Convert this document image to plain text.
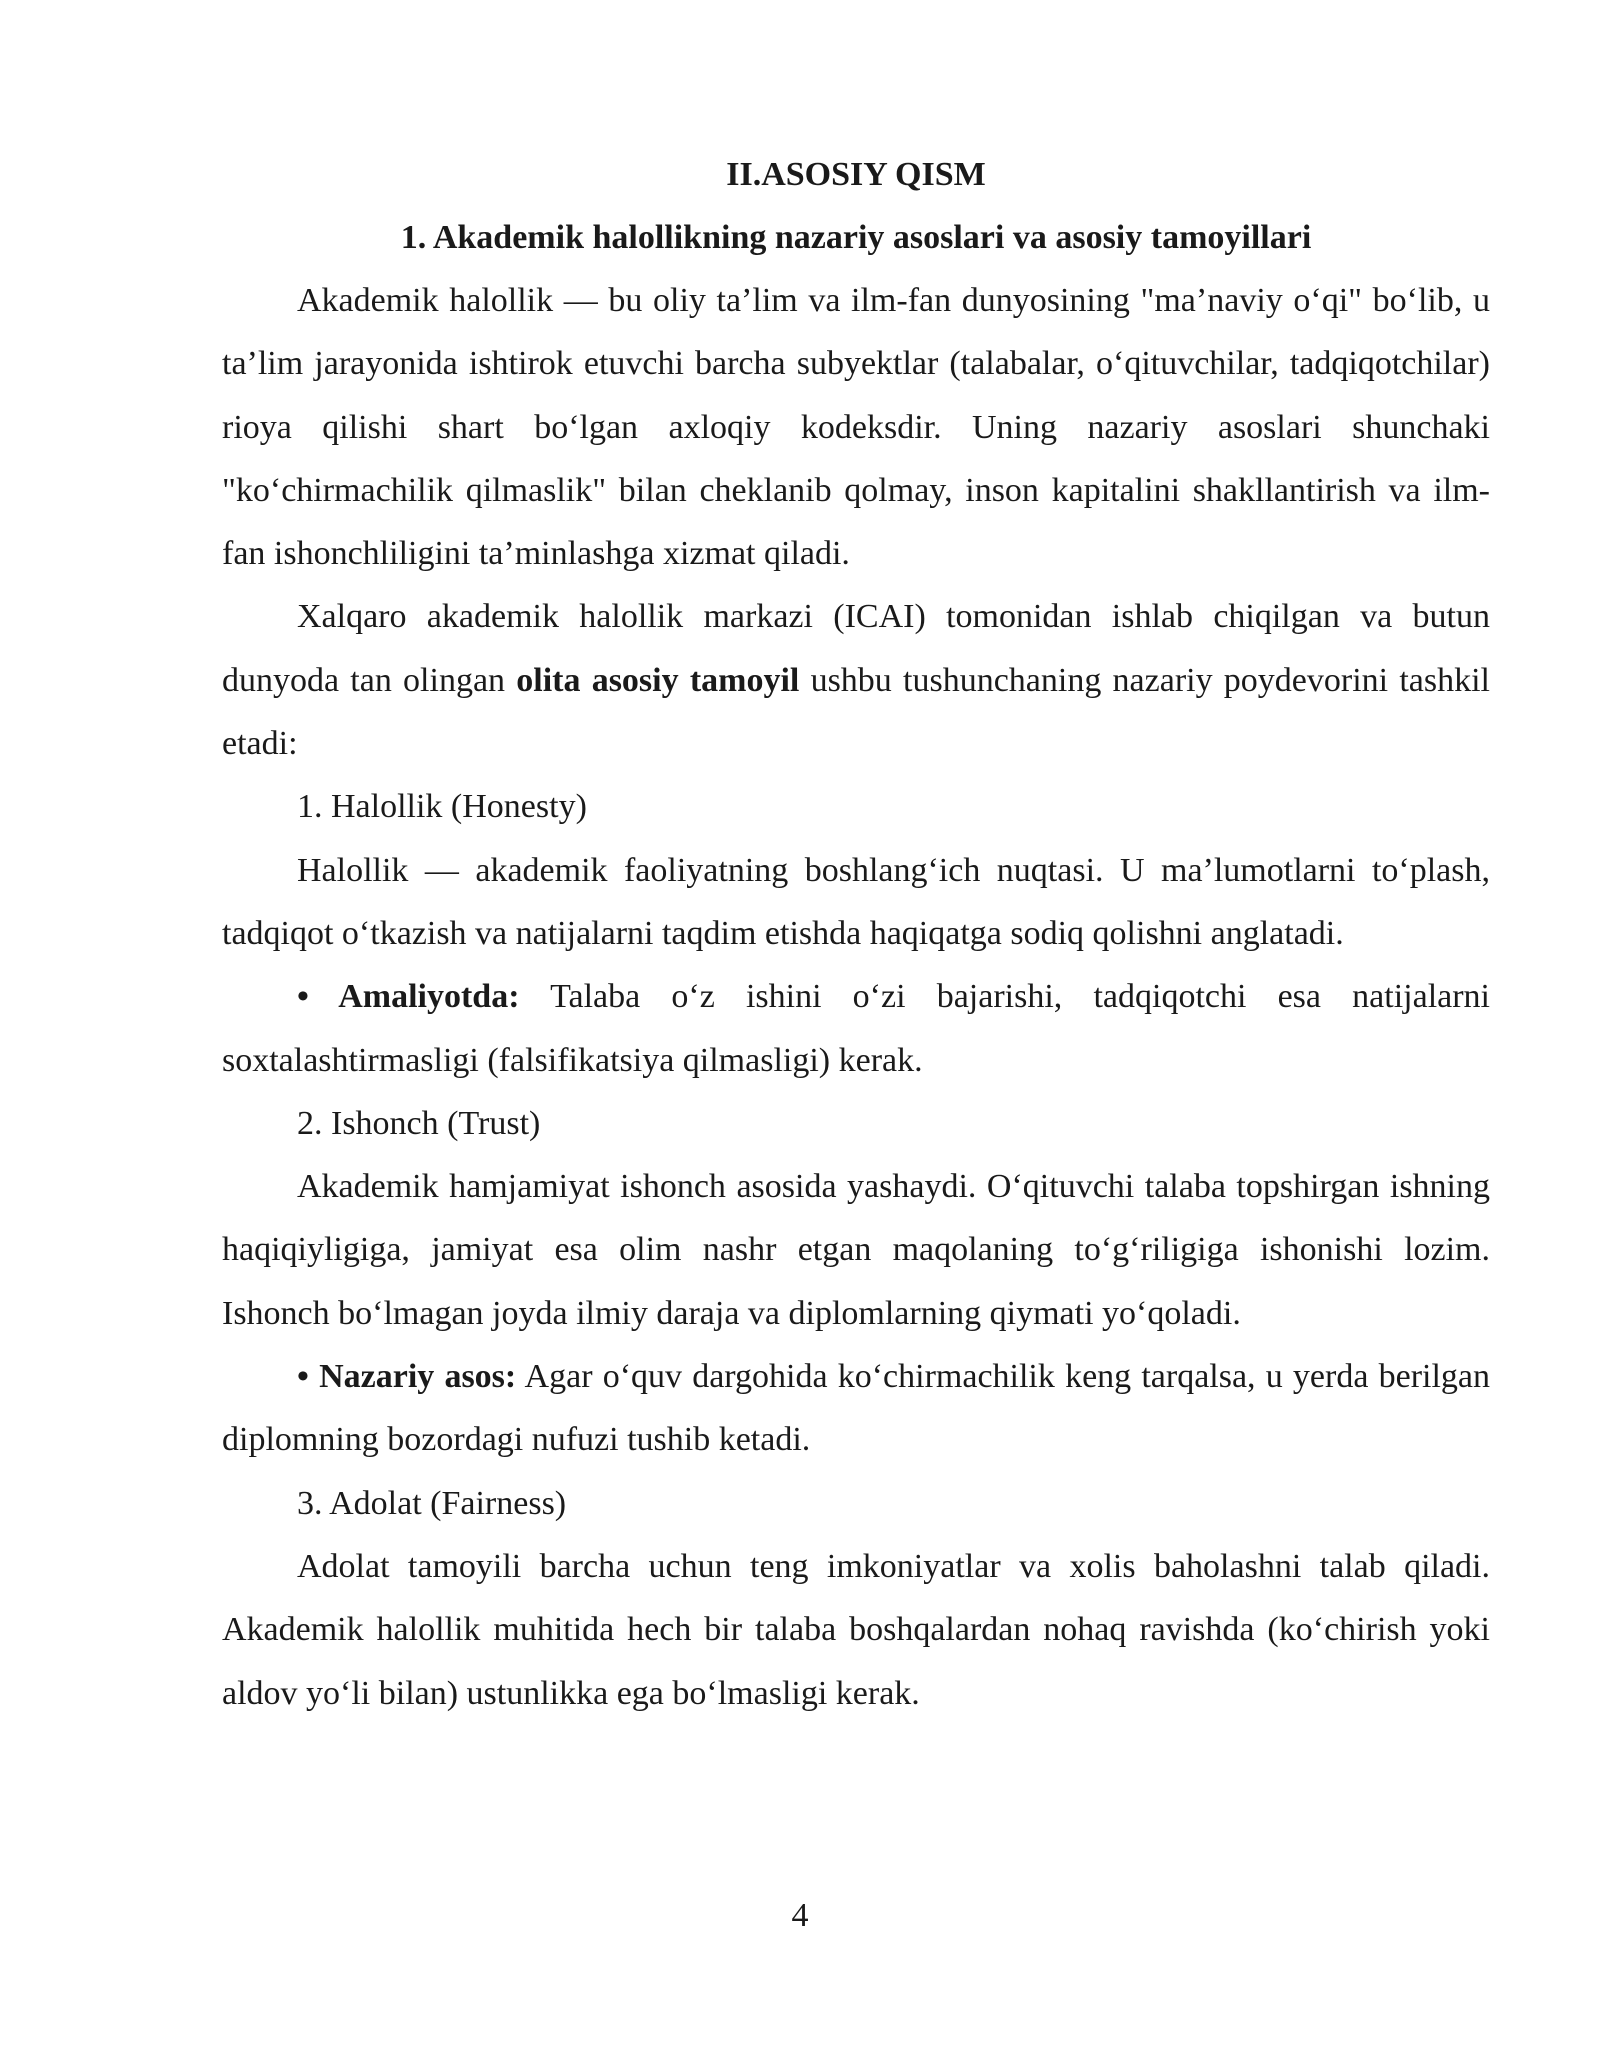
II.ASOSIY QISM
1. Akademik halollikning nazariy asoslari va asosiy tamoyillari

Akademik halollik — bu oliy ta’lim va ilm-fan dunyosining "ma’naviy o‘qi" bo‘lib, u ta’lim jarayonida ishtirok etuvchi barcha subyektlar (talabalar, o‘qituvchilar, tadqiqotchilar) rioya qilishi shart bo‘lgan axloqiy kodeksdir. Uning nazariy asoslari shunchaki "ko‘chirmachilik qilmaslik" bilan cheklanib qolmay, inson kapitalini shakllantirish va ilm-fan ishonchliligini ta’minlashga xizmat qiladi.

Xalqaro akademik halollik markazi (ICAI) tomonidan ishlab chiqilgan va butun dunyoda tan olingan olita asosiy tamoyil ushbu tushunchaning nazariy poydevorini tashkil etadi:

1. Halollik (Honesty)

Halollik — akademik faoliyatning boshlang‘ich nuqtasi. U ma’lumotlarni to‘plash, tadqiqot o‘tkazish va natijalarni taqdim etishda haqiqatga sodiq qolishni anglatadi.

• Amaliyotda: Talaba o‘z ishini o‘zi bajarishi, tadqiqotchi esa natijalarni soxtalashtirmasligi (falsifikatsiya qilmasligi) kerak.

2. Ishonch (Trust)

Akademik hamjamiyat ishonch asosida yashaydi. O‘qituvchi talaba topshirgan ishning haqiqiyligiga, jamiyat esa olim nashr etgan maqolaning to‘g‘riligiga ishonishi lozim. Ishonch bo‘lmagan joyda ilmiy daraja va diplomlarning qiymati yo‘qoladi.

• Nazariy asos: Agar o‘quv dargohida ko‘chirmachilik keng tarqalsa, u yerda berilgan diplomning bozordagi nufuzi tushib ketadi.

3. Adolat (Fairness)

Adolat tamoyili barcha uchun teng imkoniyatlar va xolis baholashni talab qiladi. Akademik halollik muhitida hech bir talaba boshqalardan nohaq ravishda (ko‘chirish yoki aldov yo‘li bilan) ustunlikka ega bo‘lmasligi kerak.

4
